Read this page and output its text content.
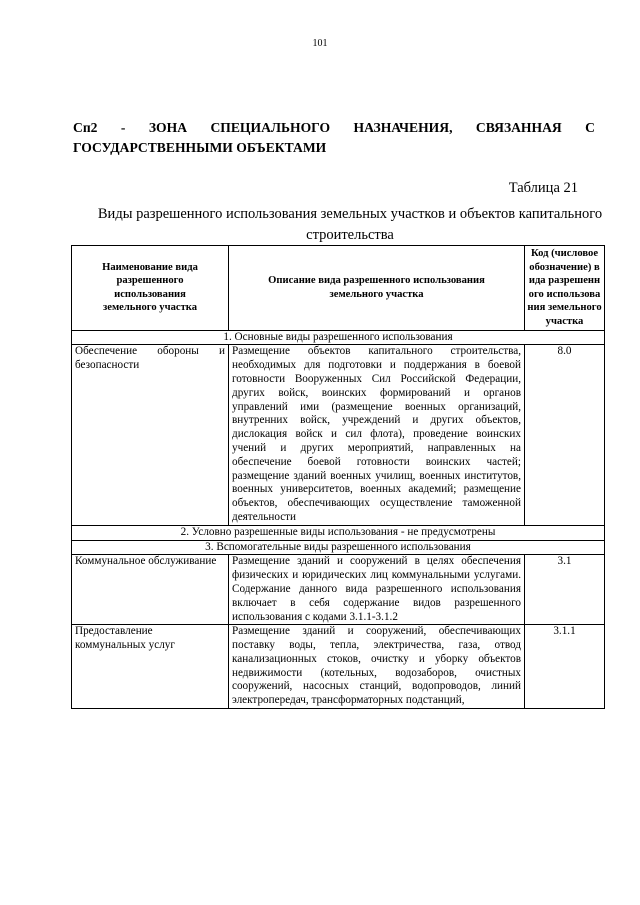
101
Сп2 - ЗОНА СПЕЦИАЛЬНОГО НАЗНАЧЕНИЯ, СВЯЗАННАЯ С ГОСУДАРСТВЕННЫМИ ОБЪЕКТАМИ
Таблица 21
Виды разрешенного использования земельных участков и объектов капитального строительства
Наименование вида разрешенного использования земельного участка	Описание вида разрешенного использования земельного участка	Код (числовое обозначение) вида разрешенного использования земельного участка
1. Основные виды разрешенного использования		
Обеспечение обороны и безопасности	Размещение объектов капитального строительства, необходимых для подготовки и поддержания в боевой готовности Вооруженных Сил Российской Федерации, других войск, воинских формирований и органов управлений ими (размещение военных организаций, внутренних войск, учреждений и других объектов, дислокация войск и сил флота), проведение воинских учений и других мероприятий, направленных на обеспечение боевой готовности воинских частей; размещение зданий военных училищ, военных институтов, военных университетов, военных академий; размещение объектов, обеспечивающих осуществление таможенной деятельности	8.0
2. Условно разрешенные виды использования - не предусмотрены		
3. Вспомогательные виды разрешенного использования		
Коммунальное обслуживание	Размещение зданий и сооружений в целях обеспечения физических и юридических лиц коммунальными услугами. Содержание данного вида разрешенного использования включает в себя содержание видов разрешенного использования с кодами 3.1.1-3.1.2	3.1
Предоставление коммунальных услуг	Размещение зданий и сооружений, обеспечивающих поставку воды, тепла, электричества, газа, отвод канализационных стоков, очистку и уборку объектов недвижимости (котельных, водозаборов, очистных сооружений, насосных станций, водопроводов, линий электропередач, трансформаторных подстанций,	3.1.1
